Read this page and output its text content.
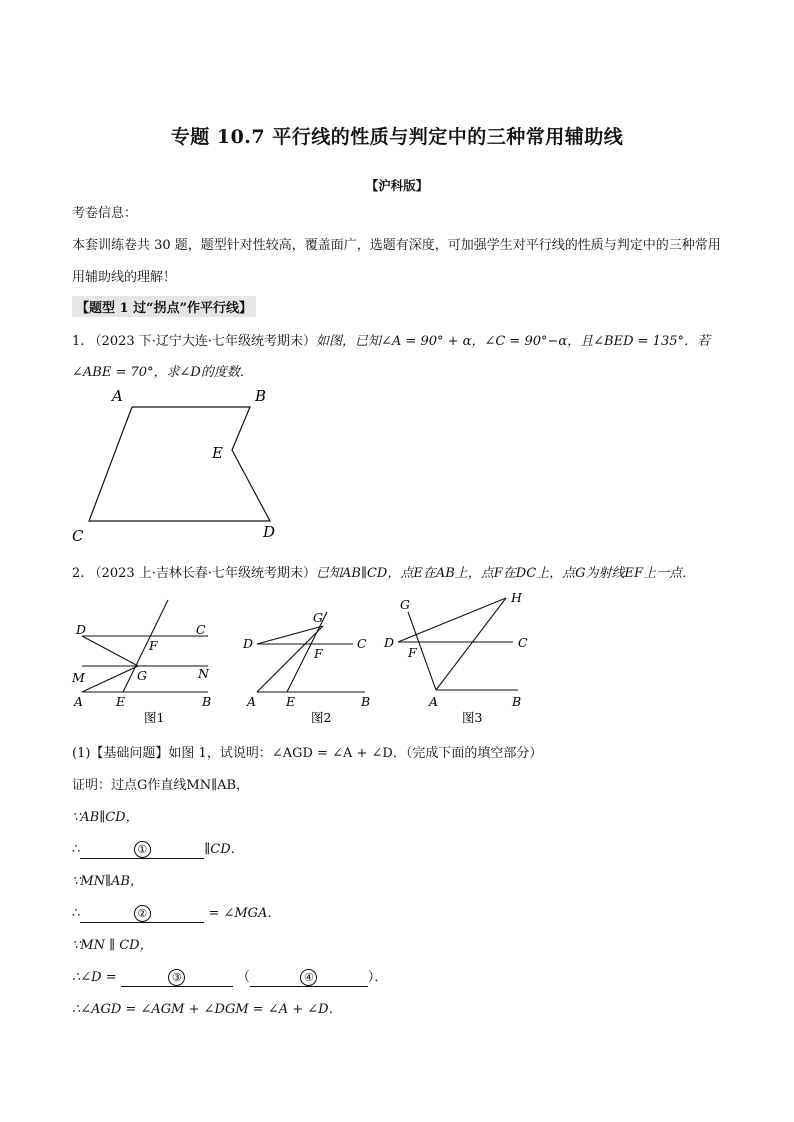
专题 10.7 平行线的性质与判定中的三种常用辅助线
【沪科版】
考卷信息：
本套训练卷共 30 题，题型针对性较高，覆盖面广，选题有深度，可加强学生对平行线的性质与判定中的三种常用
用辅助线的理解！
【题型 1 过“拐点”作平行线】
1. （2023 下·辽宁大连·七年级统考期末）如图，已知∠A = 90° + α，∠C = 90°−α，且∠BED = 135°．若
∠ABE = 70°，求∠D的度数．
A	B
E
C	D
2. （2023 上·吉林长春·七年级统考期末）已知AB∥CD，点E在AB上，点F在DC上，点G为射线EF上一点．
D	C
F
M	G	N
A	E	B
图1
G
D	C
F
A E	B
图2
G	H
D	C
F
A	B
图3
(1)【基础问题】如图 1，试说明：∠AGD = ∠A + ∠D．（完成下面的填空部分）
证明：过点G作直线MN∥AB，
∵AB∥CD，
∴	①	∥CD．
∵MN∥AB，
∴	②	= ∠MGA．
∵MN ∥ CD，
∴∠D =	③	（	④	）．
∴∠AGD = ∠AGM + ∠DGM = ∠A + ∠D．
